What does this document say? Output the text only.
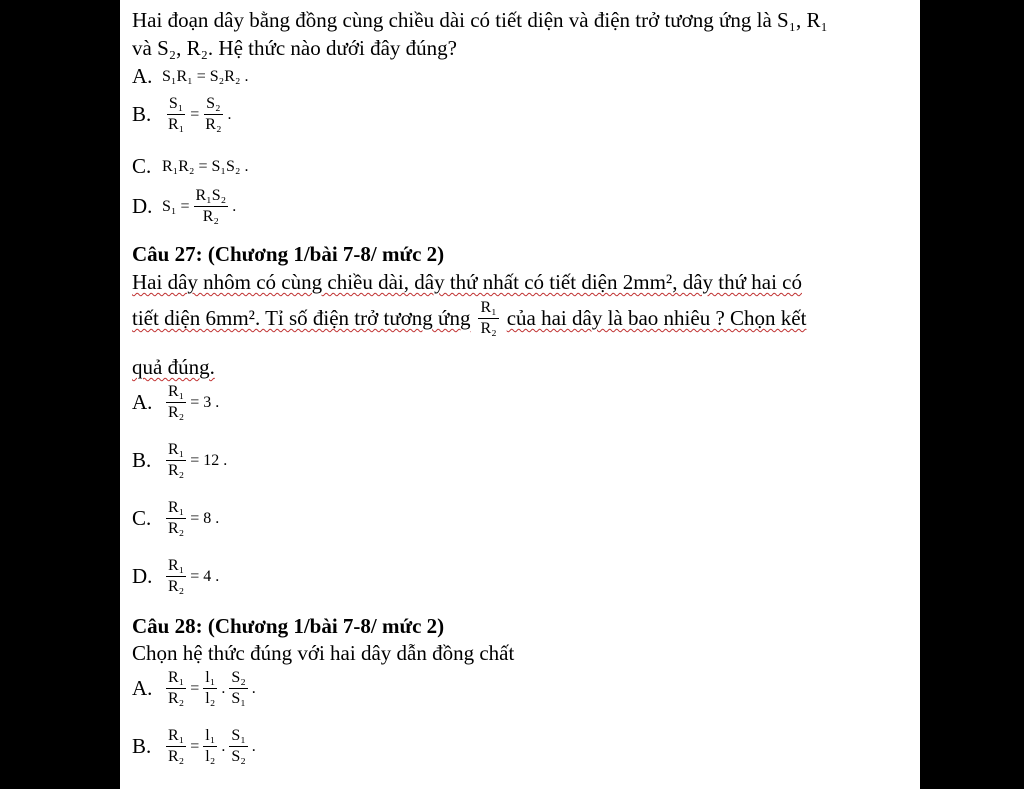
Hai đoạn dây bằng đồng cùng chiều dài có tiết diện và điện trở tương ứng là S₁, R₁
và S₂, R₂. Hệ thức nào dưới đây đúng?
A. S₁R₁ = S₂R₂ .
B. $\frac{\text{S₁}}{\text{R₁}} = \frac{\text{S₂}}{\text{R₂}}$ .
C. R₁R₂ = S₁S₂ .
D. $S_1 = \frac{\text{R₁S₂}}{\text{R₂}}$ .
Câu 27: (Chương 1/bài 7-8/ mức 2)
Hai dây nhôm có cùng chiều dài, dây thứ nhất có tiết diện 2mm², dây thứ hai có
tiết diện 6mm². Tỉ số điện trở tương ứng $\frac{\text{R₁}}{\text{R₂}}$ của hai dây là bao nhiêu ? Chọn kết
quả đúng.
A. $\frac{\text{R₁}}{\text{R₂}} = 3$ .
B. $\frac{\text{R₁}}{\text{R₂}} = 12$ .
C. $\frac{\text{R₁}}{\text{R₂}} = 8$ .
D. $\frac{\text{R₁}}{\text{R₂}} = 4$ .
Câu 28: (Chương 1/bài 7-8/ mức 2)
Chọn hệ thức đúng với hai dây dẫn đồng chất
A. $\frac{\text{R₁}}{\text{R₂}} = \frac{\text{l₁}}{\text{l₂}}$ . $\frac{\text{S₂}}{\text{S₁}}$ .
B. $\frac{\text{R₁}}{\text{R₂}} = \frac{\text{l₁}}{\text{l₂}}$ . $\frac{\text{S₁}}{\text{S₂}}$ .
